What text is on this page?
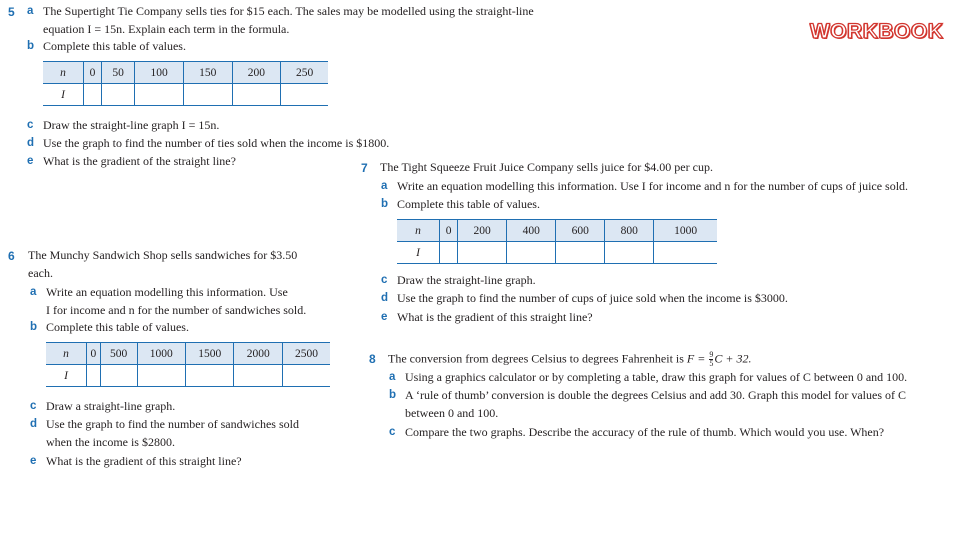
WORKBOOK
5 a The Supertight Tie Company sells ties for $15 each. The sales may be modelled using the straight-line
equation I = 15n. Explain each term in the formula.
b Complete this table of values.
n	0	50	100	150	200	250
I						
c Draw the straight-line graph I = 15n.
d Use the graph to find the number of ties sold when the income is $1800.
e What is the gradient of the straight line?
6 The Munchy Sandwich Shop sells sandwiches for $3.50
each.
a Write an equation modelling this information. Use
I for income and n for the number of sandwiches sold.
b Complete this table of values.
n	0	500	1000	1500	2000	2500
I						
c Draw a straight-line graph.
d Use the graph to find the number of sandwiches sold
when the income is $2800.
e What is the gradient of this straight line?
7 The Tight Squeeze Fruit Juice Company sells juice for $4.00 per cup.
a Write an equation modelling this information. Use I for income and n for the number of cups of juice sold.
b Complete this table of values.
n	0	200	400	600	800	1000
I						
c Draw the straight-line graph.
d Use the graph to find the number of cups of juice sold when the income is $3000.
e What is the gradient of this straight line?
8 The conversion from degrees Celsius to degrees Fahrenheit is $F = \frac{9}{5}$ C + 32.
a Using a graphics calculator or by completing a table, draw this graph for values of C between 0 and 100.
b A ‘rule of thumb’ conversion is double the degrees Celsius and add 30. Graph this model for values of C
between 0 and 100.
c Compare the two graphs. Describe the accuracy of the rule of thumb. Which would you use. When?
